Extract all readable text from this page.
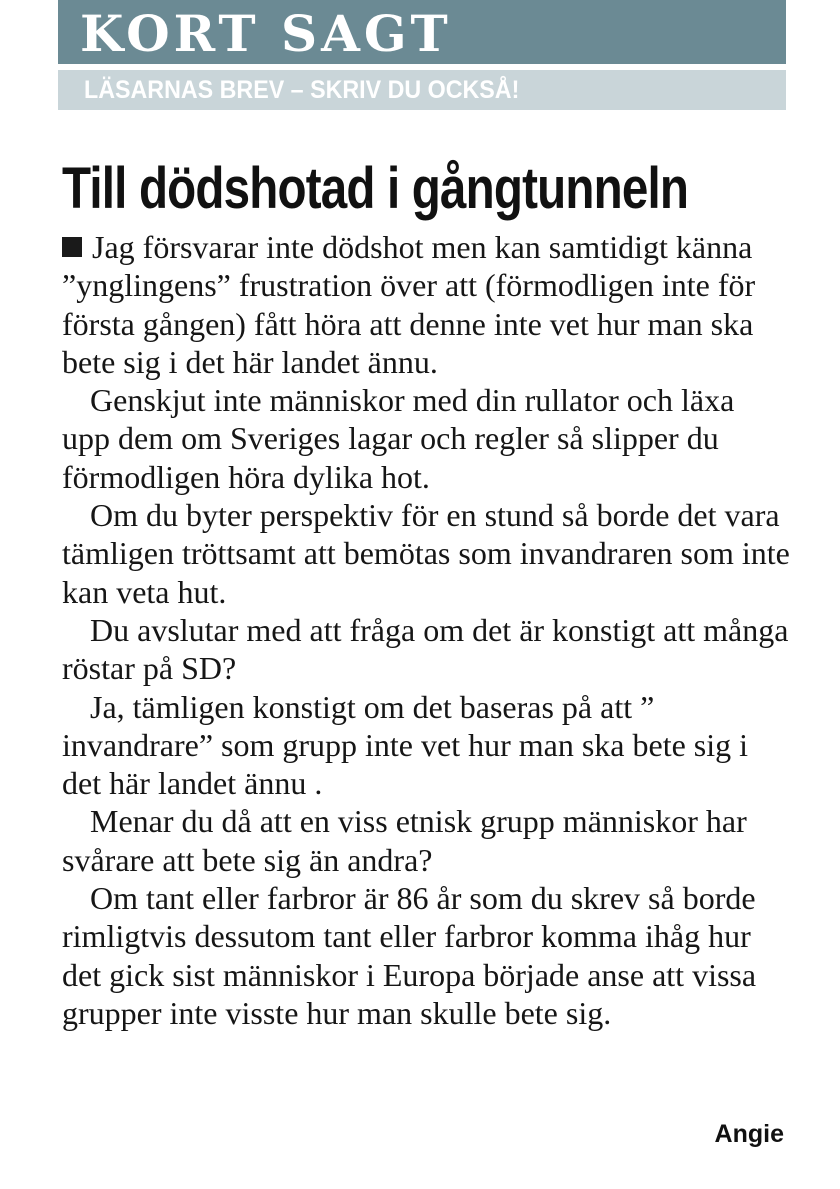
KORT SAGT
LÄSARNAS BREV – SKRIV DU OCKSÅ!
Till dödshotad i gångtunneln

Jag försvarar inte dödshot men kan samtidigt känna ”ynglingens” frustration över att (förmodligen inte för första gången) fått höra att denne inte vet hur man ska bete sig i det här landet ännu.

Genskjut inte människor med din rullator och läxa upp dem om Sveriges lagar och regler så slipper du förmodligen höra dylika hot.

Om du byter perspektiv för en stund så borde det vara tämligen tröttsamt att bemötas som invandraren som inte kan veta hut.

Du avslutar med att fråga om det är konstigt att många röstar på SD?

Ja, tämligen konstigt om det baseras på att ” invandrare” som grupp inte vet hur man ska bete sig i det här landet ännu .

Menar du då att en viss etnisk grupp människor har svårare att bete sig än andra?

Om tant eller farbror är 86 år som du skrev så borde rimligtvis dessutom tant eller farbror komma ihåg hur det gick sist människor i Europa började anse att vissa grupper inte visste hur man skulle bete sig.

Angie
